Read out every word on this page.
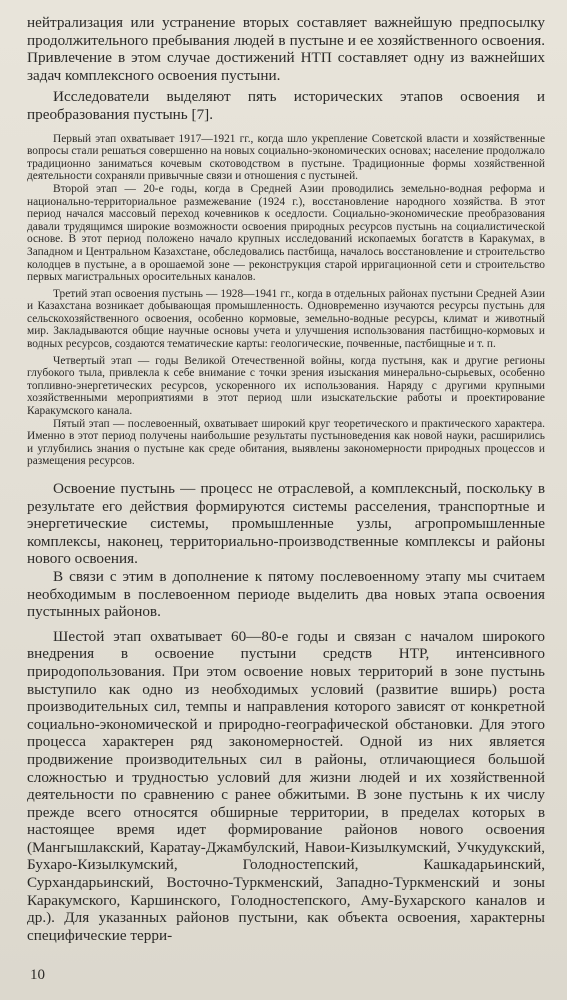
нейтрализация или устранение вторых составляет важнейшую предпосылку продолжительного пребывания людей в пустыне и ее хозяйственного освоения. Привлечение в этом случае достижений НТП составляет одну из важнейших задач комплексного освоения пустыни.

Исследователи выделяют пять исторических этапов освоения и преобразования пустынь [7].

Первый этап охватывает 1917—1921 гг., когда шло укрепление Советской власти и хозяйственные вопросы стали решаться совершенно на новых социально-экономических основах; население продолжало традиционно заниматься кочевым скотоводством в пустыне. Традиционные формы хозяйственной деятельности сохраняли привычные связи и отношения с пустыней.

Второй этап — 20-е годы, когда в Средней Азии проводились земельно-водная реформа и национально-территориальное размежевание (1924 г.), восстановление народного хозяйства. В этот период начался массовый переход кочевников к оседлости. Социально-экономические преобразования давали трудящимся широкие возможности освоения природных ресурсов пустынь на социалистической основе. В этот период положено начало крупных исследований ископаемых богатств в Каракумах, в Западном и Центральном Казахстане, обследовались пастбища, началось восстановление и строительство колодцев в пустыне, а в орошаемой зоне — реконструкция старой ирригационной сети и строительство первых магистральных оросительных каналов.

Третий этап освоения пустынь — 1928—1941 гг., когда в отдельных районах пустыни Средней Азии и Казахстана возникает добывающая промышленность. Одновременно изучаются ресурсы пустынь для сельскохозяйственного освоения, особенно кормовые, земельно-водные ресурсы, климат и животный мир. Закладываются общие научные основы учета и улучшения использования пастбищно-кормовых и водных ресурсов, создаются тематические карты: геологические, почвенные, пастбищные и т. п.

Четвертый этап — годы Великой Отечественной войны, когда пустыня, как и другие регионы глубокого тыла, привлекла к себе внимание с точки зрения изыскания минерально-сырьевых, особенно топливно-энергетических ресурсов, ускоренного их использования. Наряду с другими крупными хозяйственными мероприятиями в этот период шли изыскательские работы и проектирование Каракумского канала.

Пятый этап — послевоенный, охватывает широкий круг теоретического и практического характера. Именно в этот период получены наибольшие результаты пустыноведения как новой науки, расширились и углубились знания о пустыне как среде обитания, выявлены закономерности природных процессов и размещения ресурсов.

Освоение пустынь — процесс не отраслевой, а комплексный, поскольку в результате его действия формируются системы расселения, транспортные и энергетические системы, промышленные узлы, агропромышленные комплексы, наконец, территориально-производственные комплексы и районы нового освоения.

В связи с этим в дополнение к пятому послевоенному этапу мы считаем необходимым в послевоенном периоде выделить два новых этапа освоения пустынных районов.

Шестой этап охватывает 60—80-е годы и связан с началом широкого внедрения в освоение пустыни средств НТР, интенсивного природопользования. При этом освоение новых территорий в зоне пустынь выступило как одно из необходимых условий (развитие вширь) роста производительных сил, темпы и направления которого зависят от конкретной социально-экономической и природно-географической обстановки. Для этого процесса характерен ряд закономерностей. Одной из них является продвижение производительных сил в районы, отличающиеся большой сложностью и трудностью условий для жизни людей и их хозяйственной деятельности по сравнению с ранее обжитыми. В зоне пустынь к их числу прежде всего относятся обширные территории, в пределах которых в настоящее время идет формирование районов нового освоения (Мангышлакский, Каратау-Джамбулский, Навои-Кизылкумский, Учкудукский, Бухаро-Кизылкумский, Голодностепский, Кашкадарьинский, Сурхандарьинский, Восточно-Туркменский, Западно-Туркменский и зоны Каракумского, Каршинского, Голодностепского, Аму-Бухарского каналов и др.). Для указанных районов пустыни, как объекта освоения, характерны специфические терри-

10
